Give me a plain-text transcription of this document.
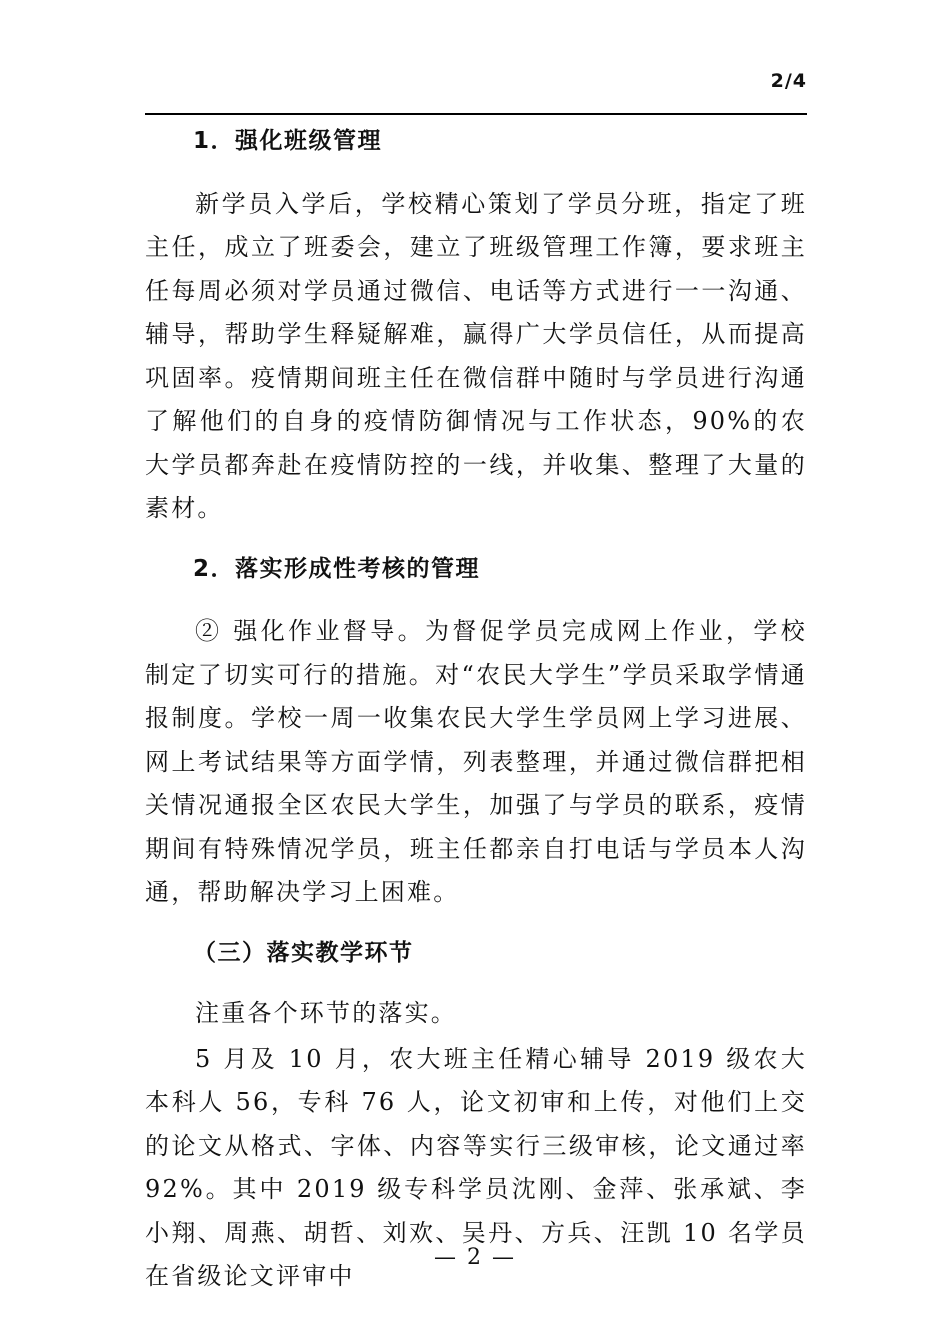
2/4

1．强化班级管理

新学员入学后，学校精心策划了学员分班，指定了班主任，成立了班委会，建立了班级管理工作簿，要求班主任每周必须对学员通过微信、电话等方式进行一一沟通、辅导，帮助学生释疑解难，赢得广大学员信任，从而提高巩固率。疫情期间班主任在微信群中随时与学员进行沟通了解他们的自身的疫情防御情况与工作状态，90%的农大学员都奔赴在疫情防控的一线，并收集、整理了大量的素材。

2．落实形成性考核的管理

② 强化作业督导。为督促学员完成网上作业，学校制定了切实可行的措施。对“农民大学生”学员采取学情通报制度。学校一周一收集农民大学生学员网上学习进展、网上考试结果等方面学情，列表整理，并通过微信群把相关情况通报全区农民大学生，加强了与学员的联系，疫情期间有特殊情况学员，班主任都亲自打电话与学员本人沟通，帮助解决学习上困难。

（三）落实教学环节

注重各个环节的落实。

5 月及 10 月，农大班主任精心辅导 2019 级农大本科人 56，专科 76 人，论文初审和上传，对他们上交的论文从格式、字体、内容等实行三级审核，论文通过率 92%。其中 2019 级专科学员沈刚、金萍、张承斌、李小翔、周燕、胡哲、刘欢、吴丹、方兵、汪凯 10 名学员在省级论文评审中

— 2 —
